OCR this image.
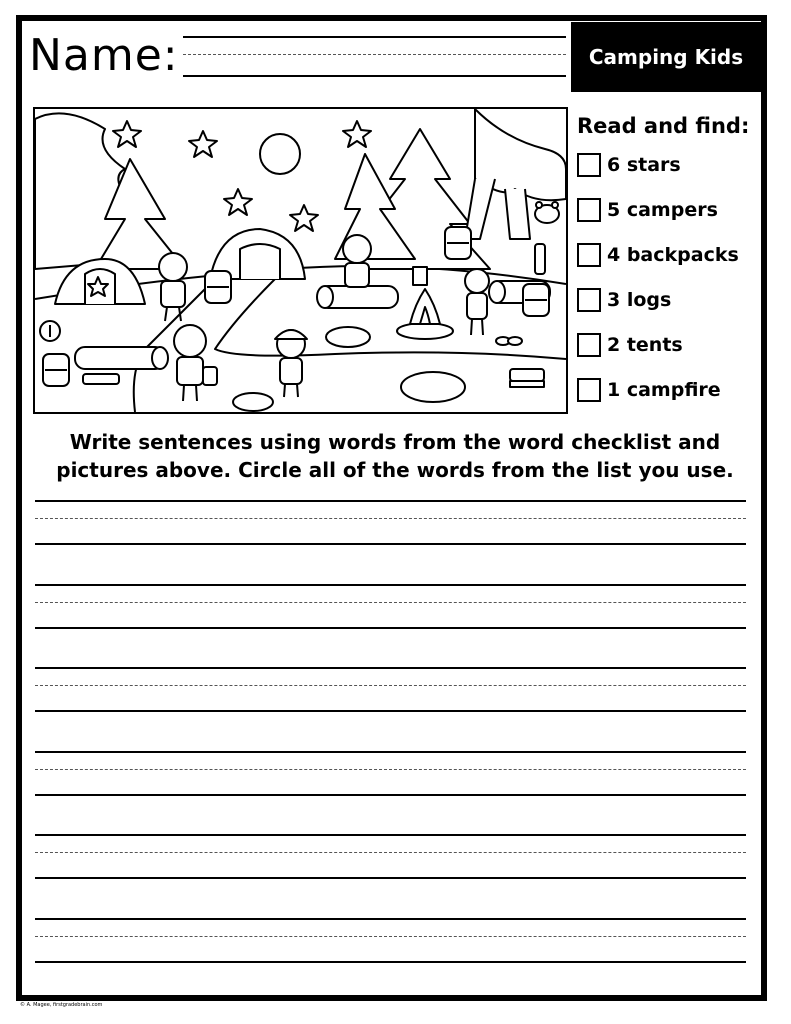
Name:	Camping Kids
Read and find:
6 stars
5 campers
4 backpacks
3 logs
2 tents
1 campfire
Write sentences using words from the word checklist and
pictures above. Circle all of the words from the list you use.
© A. Magee, firstgradebrain.com
